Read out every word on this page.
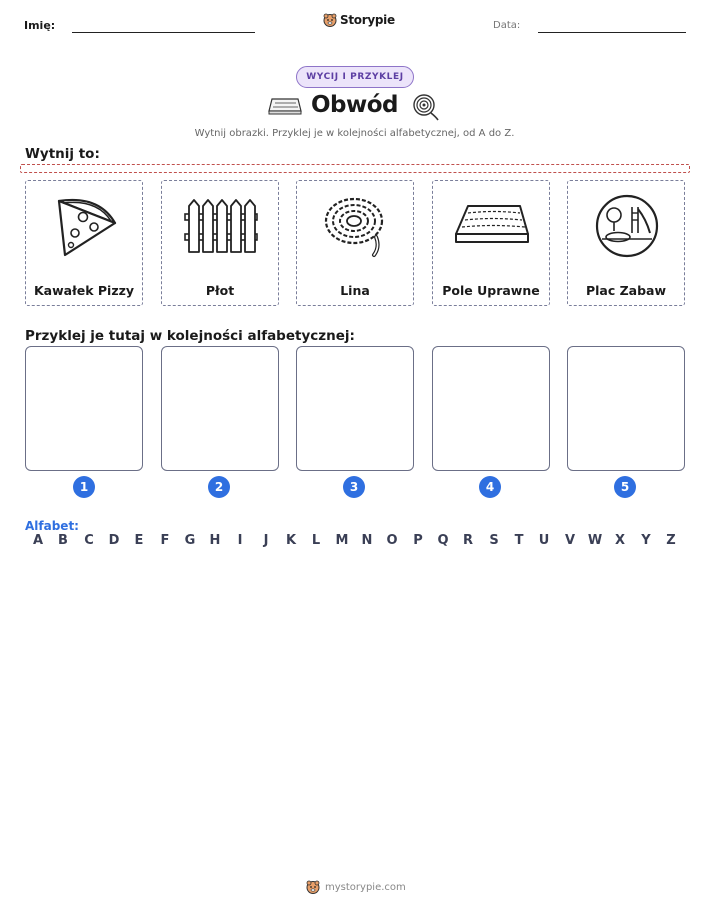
Imię:	Storypie	Data:
WYCIJ I PRZYKLEJ
Obwód
Wytnij obrazki. Przyklej je w kolejności alfabetycznej, od A do Z.
Wytnij to:
Kawałek Pizzy	Płot	Lina	Pole Uprawne	Plac Zabaw
Przyklej je tutaj w kolejności alfabetycznej:
1	2	3	4	5
Alfabet:
A	B	C	D	E	F	G	H	I	J	K	L	M	N	O	P	Q	R	S	T	U	V W X	Y	Z
mystorypie.com
